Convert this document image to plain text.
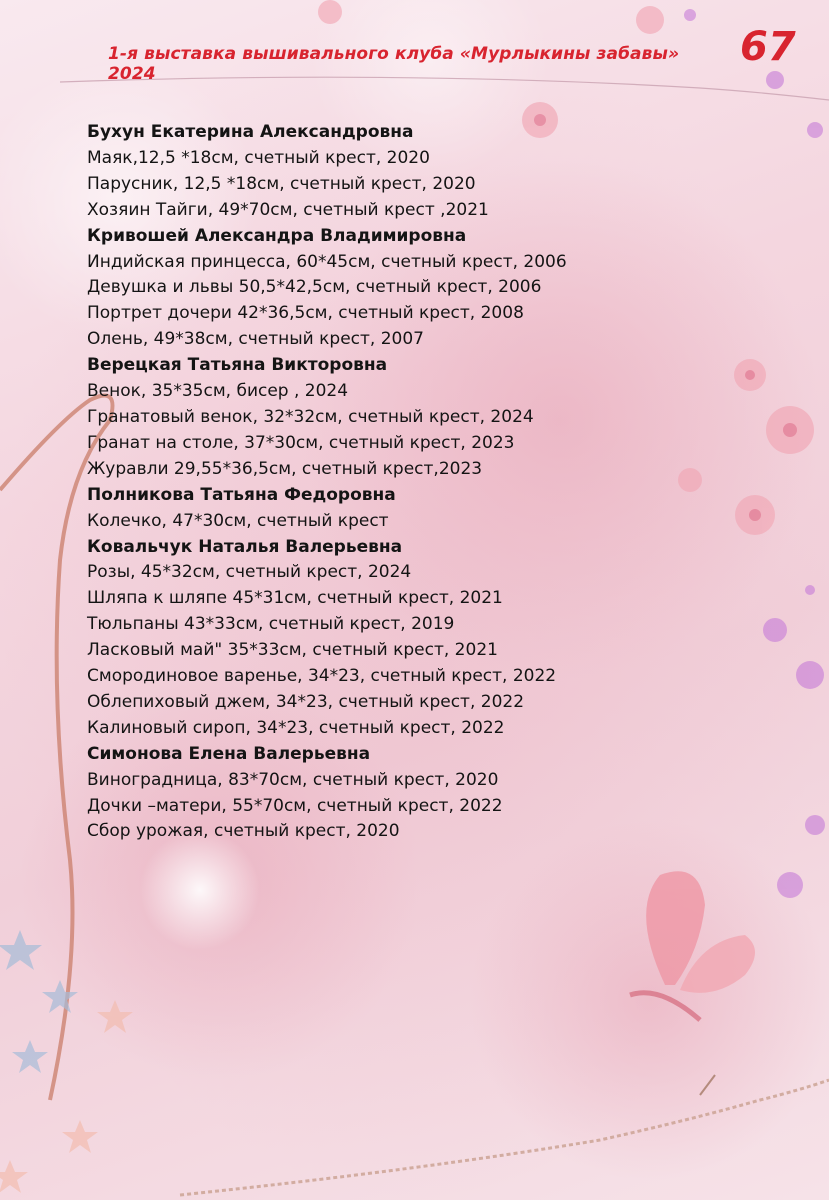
1-я выставка вышивального клуба «Мурлыкины забавы» 2024
67
Бухун Екатерина Александровна
Маяк,12,5 *18см, счетный крест, 2020
Парусник, 12,5 *18см, счетный крест, 2020
Хозяин Тайги, 49*70см, счетный крест ,2021
Кривошей Александра Владимировна
Индийская принцесса, 60*45см, счетный крест, 2006
Девушка и львы 50,5*42,5см, счетный крест, 2006
Портрет дочери 42*36,5см, счетный крест, 2008
Олень, 49*38см, счетный крест, 2007
Верецкая Татьяна Викторовна
Венок, 35*35см, бисер , 2024
Гранатовый венок, 32*32см, счетный крест, 2024
Гранат на столе, 37*30см, счетный крест, 2023
Журавли 29,55*36,5см, счетный крест,2023
Полникова Татьяна Федоровна
Колечко, 47*30см, счетный крест
Ковальчук Наталья Валерьевна
Розы, 45*32см, счетный крест, 2024
Шляпа к шляпе 45*31см, счетный крест, 2021
Тюльпаны 43*33см, счетный крест, 2019
Ласковый май" 35*33см, счетный крест, 2021
Смородиновое варенье, 34*23, счетный крест, 2022
Облепиховый джем, 34*23, счетный крест, 2022
Калиновый сироп, 34*23, счетный крест, 2022
Симонова Елена Валерьевна
Виноградница, 83*70см, счетный крест, 2020
Дочки –матери, 55*70см, счетный крест, 2022
Сбор урожая, счетный крест, 2020
